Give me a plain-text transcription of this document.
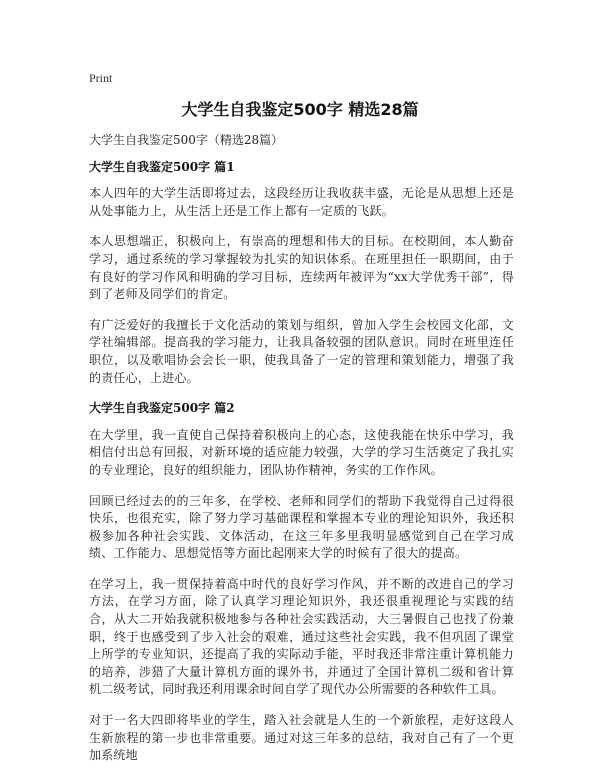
Print
大学生自我鉴定500字 精选28篇

大学生自我鉴定500字（精选28篇）

大学生自我鉴定500字 篇1

本人四年的大学生活即将过去，这段经历让我收获丰盛，无论是从思想上还是从处事能力上，从生活上还是工作上都有一定质的飞跃。

本人思想端正，积极向上，有崇高的理想和伟大的目标。在校期间，本人勤奋学习，通过系统的学习掌握较为扎实的知识体系。在班里担任一职期间，由于有良好的学习作风和明确的学习目标，连续两年被评为“xx大学优秀干部”，得到了老师及同学们的肯定。

有广泛爱好的我擅长于文化活动的策划与组织，曾加入学生会校园文化部，文学社编辑部。提高我的学习能力，让我具备较强的团队意识。同时在班里连任职位，以及歌唱协会会长一职，使我具备了一定的管理和策划能力，增强了我的责任心，上进心。

大学生自我鉴定500字 篇2

在大学里，我一直使自己保持着积极向上的心态，这使我能在快乐中学习，我相信付出总有回报，对新环境的适应能力较强，大学的学习生活奠定了我扎实的专业理论，良好的组织能力，团队协作精神，务实的工作作风。

回顾已经过去的的三年多，在学校、老师和同学们的帮助下我觉得自己过得很快乐，也很充实，除了努力学习基础课程和掌握本专业的理论知识外，我还积极参加各种社会实践、文体活动，在这三年多里我明显感觉到自己在学习成绩、工作能力、思想觉悟等方面比起刚来大学的时候有了很大的提高。

在学习上，我一贯保持着高中时代的良好学习作风，并不断的改进自己的学习方法，在学习方面，除了认真学习理论知识外，我还很重视理论与实践的结合，从大二开始我就积极地参与各种社会实践活动，大三暑假自己也找了份兼职，终于也感受到了步入社会的艰难，通过这些社会实践，我不但巩固了课堂上所学的专业知识，还提高了我的实际动手能，平时我还非常注重计算机能力的培养，涉猎了大量计算机方面的课外书，并通过了全国计算机二级和省计算机二级考试，同时我还利用课余时间自学了现代办公所需要的各种软件工具。

对于一名大四即将毕业的学生，踏入社会就是人生的一个新旅程，走好这段人生新旅程的第一步也非常重要。通过对这三年多的总结，我对自己有了一个更加系统地
